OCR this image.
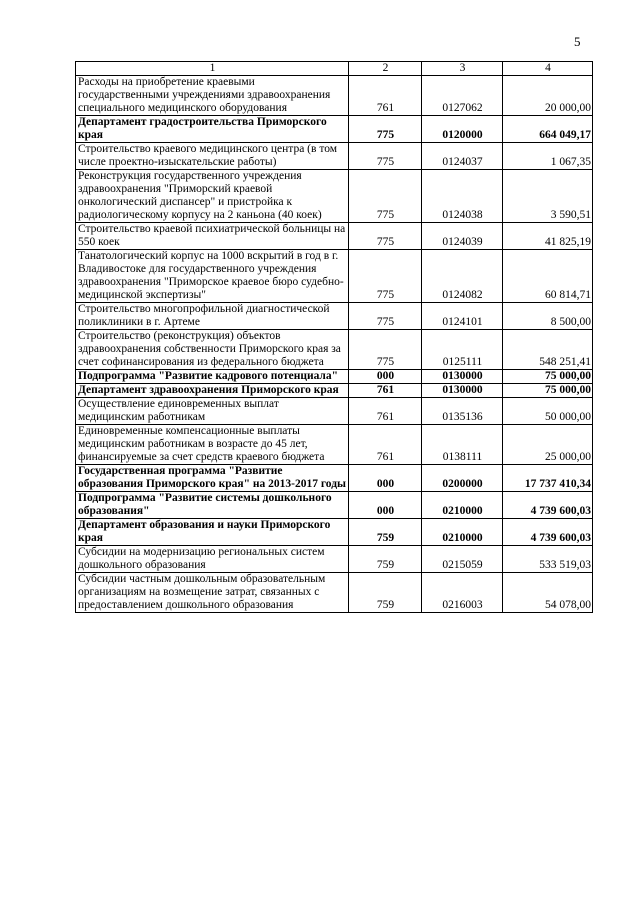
5
1	2	3	4
Расходы на приобретение краевыми государственными учреждениями здравоохранения специального медицинского оборудования	761	0127062	20 000,00
Департамент градостроительства Приморского края	775	0120000	664 049,17
Строительство краевого медицинского центра (в том числе проектно-изыскательские работы)	775	0124037	1 067,35
Реконструкция государственного учреждения здравоохранения "Приморский краевой онкологический диспансер" и пристройка к радиологическому корпусу на 2 каньона (40 коек)	775	0124038	3 590,51
Строительство краевой психиатрической больницы на 550 коек	775	0124039	41 825,19
Танатологический корпус на 1000 вскрытий в год в г. Владивостоке для государственного учреждения здравоохранения "Приморское краевое бюро судебно-медицинской экспертизы"	775	0124082	60 814,71
Строительство многопрофильной диагностической поликлиники в г. Артеме	775	0124101	8 500,00
Строительство (реконструкция) объектов здравоохранения собственности Приморского края за счет софинансирования из федерального бюджета	775	0125111	548 251,41
Подпрограмма "Развитие кадрового потенциала"	000	0130000	75 000,00
Департамент здравоохранения Приморского края	761	0130000	75 000,00
Осуществление единовременных выплат медицинским работникам	761	0135136	50 000,00
Единовременные компенсационные выплаты медицинским работникам в возрасте до 45 лет, финансируемые за счет средств краевого бюджета	761	0138111	25 000,00
Государственная программа "Развитие образования Приморского края" на 2013-2017 годы	000	0200000	17 737 410,34
Подпрограмма "Развитие системы дошкольного образования"	000	0210000	4 739 600,03
Департамент образования и науки Приморского края	759	0210000	4 739 600,03
Субсидии на модернизацию региональных систем дошкольного образования	759	0215059	533 519,03
Субсидии частным дошкольным образовательным организациям на возмещение затрат, связанных с предоставлением дошкольного образования	759	0216003	54 078,00
